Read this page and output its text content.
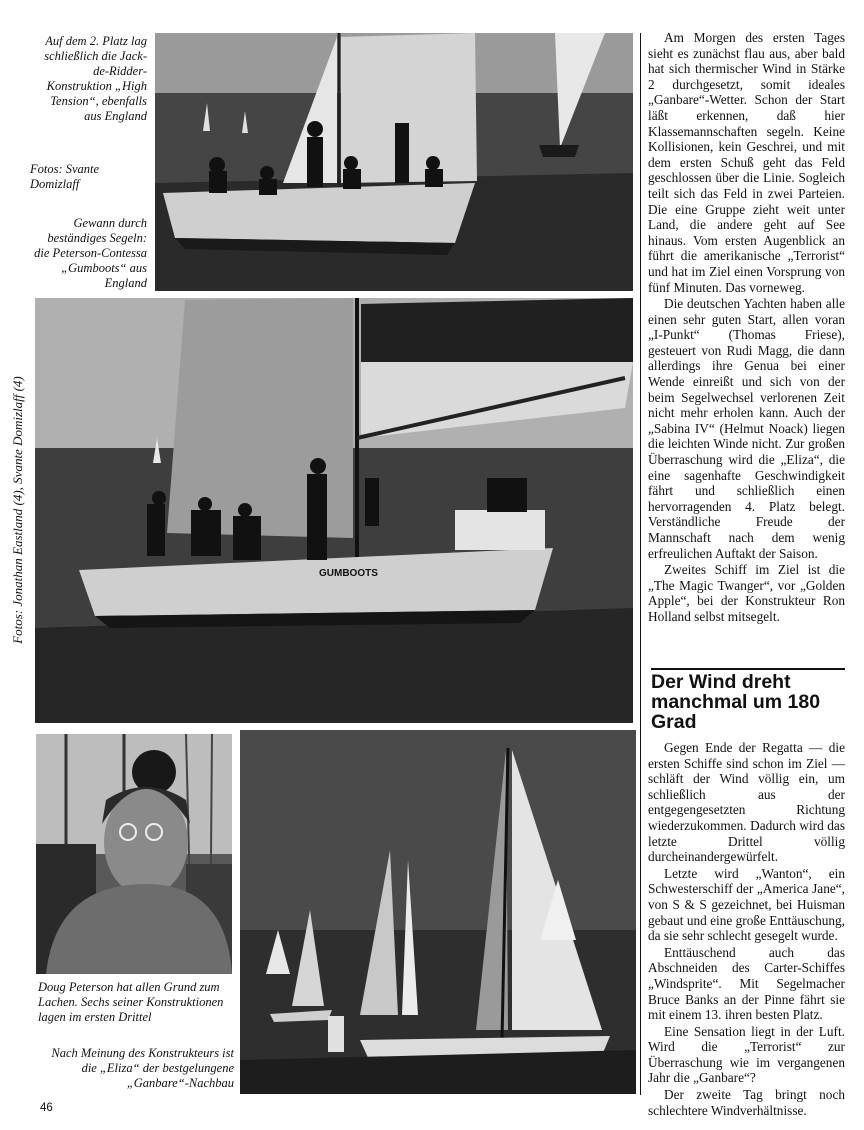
Auf dem 2. Platz lag schließlich die Jack-de-Ridder-Konstruktion „High Tension“, ebenfalls aus England

Fotos: Svante Domizlaff

Gewann durch beständiges Segeln: die Peterson-Contessa „Gumboots“ aus England

GUMBOOTS
Fotos: Jonathan Eastland (4), Svante Domizlaff (4)

Doug Peterson hat allen Grund zum Lachen. Sechs seiner Konstruktionen lagen im ersten Drittel

Nach Meinung des Konstrukteurs ist die „Eliza“ der bestgelungene „Ganbare“-Nachbau

Am Morgen des ersten Tages sieht es zunächst flau aus, aber bald hat sich thermischer Wind in Stärke 2 durchgesetzt, somit ideales „Ganbare“-Wetter. Schon der Start läßt erkennen, daß hier Klassemannschaften segeln. Keine Kollisionen, kein Geschrei, und mit dem ersten Schuß geht das Feld geschlossen über die Linie. Sogleich teilt sich das Feld in zwei Parteien. Die eine Gruppe zieht weit unter Land, die andere geht auf See hinaus. Vom ersten Augenblick an führt die amerikanische „Terrorist“ und hat im Ziel einen Vorsprung von fünf Minuten. Das vorneweg.

Die deutschen Yachten haben alle einen sehr guten Start, allen voran „I-Punkt“ (Thomas Friese), gesteuert von Rudi Magg, die dann allerdings ihre Genua bei einer Wende einreißt und sich von der beim Segelwechsel verlorenen Zeit nicht mehr erholen kann. Auch der „Sabina IV“ (Helmut Noack) liegen die leichten Winde nicht. Zur großen Überraschung wird die „Eliza“, die eine sagenhafte Geschwindigkeit fährt und schließlich einen hervorragenden 4. Platz belegt. Verständliche Freude der Mannschaft nach dem wenig erfreulichen Auftakt der Saison.

Zweites Schiff im Ziel ist die „The Magic Twanger“, vor „Golden Apple“, bei der Konstrukteur Ron Holland selbst mitsegelt.

Der Wind dreht manchmal um 180 Grad

Gegen Ende der Regatta — die ersten Schiffe sind schon im Ziel — schläft der Wind völlig ein, um schließlich aus der entgegengesetzten Richtung wiederzukommen. Dadurch wird das letzte Drittel völlig durcheinandergewürfelt.

Letzte wird „Wanton“, ein Schwesterschiff der „America Jane“, von S & S gezeichnet, bei Huisman gebaut und eine große Enttäuschung, da sie sehr schlecht gesegelt wurde.

Enttäuschend auch das Abschneiden des Carter-Schiffes „Windsprite“. Mit Segelmacher Bruce Banks an der Pinne fährt sie mit einem 13. ihren besten Platz.

Eine Sensation liegt in der Luft. Wird die „Terrorist“ zur Überraschung wie im vergangenen Jahr die „Ganbare“?

Der zweite Tag bringt noch schlechtere Windverhältnisse.

46
